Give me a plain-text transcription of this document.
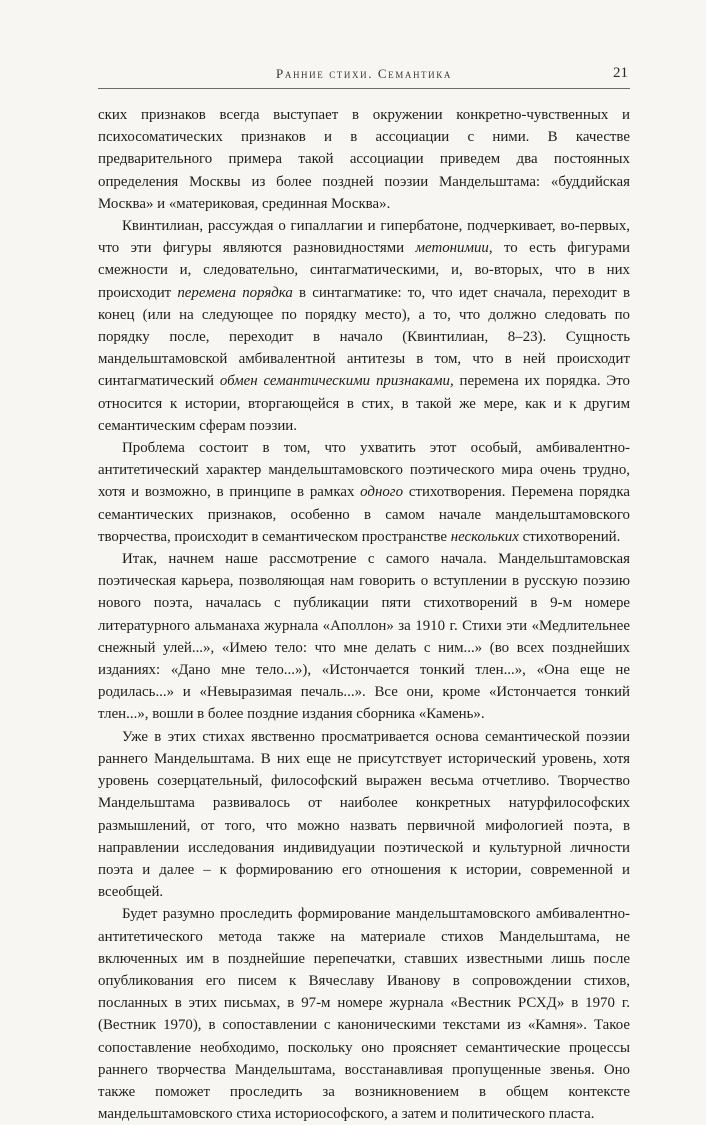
Ранние стихи. Семантика	21

ских признаков всегда выступает в окружении конкретно-чувственных и психосоматических признаков и в ассоциации с ними. В качестве предварительного примера такой ассоциации приведем два постоянных определения Москвы из более поздней поэзии Мандельштама: «буддийская Москва» и «материковая, срединная Москва».

Квинтилиан, рассуждая о гипаллагии и гипербатоне, подчеркивает, во-первых, что эти фигуры являются разновидностями метонимии, то есть фигурами смежности и, следовательно, синтагматическими, и, во-вторых, что в них происходит перемена порядка в синтагматике: то, что идет сначала, переходит в конец (или на следующее по порядку место), а то, что должно следовать по порядку после, переходит в начало (Квинтилиан, 8–23). Сущность мандельштамовской амбивалентной антитезы в том, что в ней происходит синтагматический обмен семантическими признаками, перемена их порядка. Это относится к истории, вторгающейся в стих, в такой же мере, как и к другим семантическим сферам поэзии.

Проблема состоит в том, что ухватить этот особый, амбивалентно-антитетический характер мандельштамовского поэтического мира очень трудно, хотя и возможно, в принципе в рамках одного стихотворения. Перемена порядка семантических признаков, особенно в самом начале мандельштамовского творчества, происходит в семантическом пространстве нескольких стихотворений.

Итак, начнем наше рассмотрение с самого начала. Мандельштамовская поэтическая карьера, позволяющая нам говорить о вступлении в русскую поэзию нового поэта, началась с публикации пяти стихотворений в 9-м номере литературного альманаха журнала «Аполлон» за 1910 г. Стихи эти «Медлительнее снежный улей...», «Имею тело: что мне делать с ним...» (во всех позднейших изданиях: «Дано мне тело...»), «Истончается тонкий тлен...», «Она еще не родилась...» и «Невыразимая печаль...». Все они, кроме «Истончается тонкий тлен...», вошли в более поздние издания сборника «Камень».

Уже в этих стихах явственно просматривается основа семантической поэзии раннего Мандельштама. В них еще не присутствует исторический уровень, хотя уровень созерцательный, философский выражен весьма отчетливо. Творчество Мандельштама развивалось от наиболее конкретных натурфилософских размышлений, от того, что можно назвать первичной мифологией поэта, в направлении исследования индивидуации поэтической и культурной личности поэта и далее – к формированию его отношения к истории, современной и всеобщей.

Будет разумно проследить формирование мандельштамовского амбивалентно-антитетического метода также на материале стихов Мандельштама, не включенных им в позднейшие перепечатки, ставших известными лишь после опубликования его писем к Вячеславу Иванову в сопровождении стихов, посланных в этих письмах, в 97-м номере журнала «Вестник РСХД» в 1970 г. (Вестник 1970), в сопоставлении с каноническими текстами из «Камня». Такое сопоставление необходимо, поскольку оно проясняет семантические процессы раннего творчества Мандельштама, восстанавливая пропущенные звенья. Оно также поможет проследить за возникновением в общем контексте мандельштамовского стиха историософского, а затем и политического пласта.
